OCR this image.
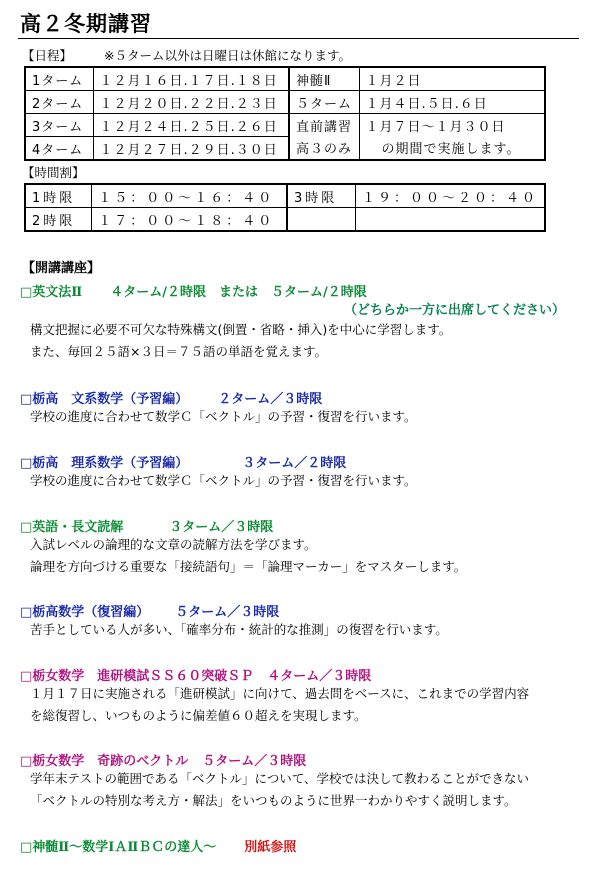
高２冬期講習
【日程】	※５ターム以外は日曜日は休館になります。
1ターム	１２月１６日.１７日.１８日	神髄Ⅱ	１月２日
2ターム	１２月２０日.２２日.２３日	５ターム	１月４日.５日.６日
3ターム	１２月２４日.２５日.２６日	直前講習	１月７日～１月３０日
4ターム	１２月２７日.２９日.３０日	高３のみ	の期間で実施します。
【時間割】
1時限	１５：００～１６：４０	3時限	１９：００～２０：４０
2時限	１７：００～１８：４０		
【開講講座】
□英文法Ⅱ ４ターム/２時限　または　５ターム/２時限
（どちらか一方に出席してください）
構文把握に必要不可欠な特殊構文(倒置・省略・挿入)を中心に学習します。
また、毎回２５語×３日＝７５語の単語を覚えます。
□栃高　文系数学（予習編） ２ターム／３時限
学校の進度に合わせて数学Ｃ「ベクトル」の予習・復習を行います。
□栃高　理系数学（予習編）	３ターム／２時限
学校の進度に合わせて数学Ｃ「ベクトル」の予習・復習を行います。
□英語・長文読解	３ターム／３時限
入試レベルの論理的な文章の読解方法を学びます。
論理を方向づける重要な「接続語句」＝「論理マーカー」をマスターします。
□栃高数学（復習編） ５ターム／３時限
苦手としている人が多い、「確率分布・統計的な推測」の復習を行います。
□栃女数学　進研模試ＳＳ６０突破ＳＰ ４ターム／３時限
１月１７日に実施される「進研模試」に向けて、過去問をベースに、これまでの学習内容
を総復習し、いつものように偏差値６０超えを実現します。
□栃女数学　奇跡のベクトル ５ターム／３時限
学年末テストの範囲である「ベクトル」について、学校では決して教わることができない
「ベクトルの特別な考え方・解法」をいつものように世界一わかりやすく説明します。
□神髄Ⅱ～数学ⅠＡⅡＢＣの達人～ 別紙参照
